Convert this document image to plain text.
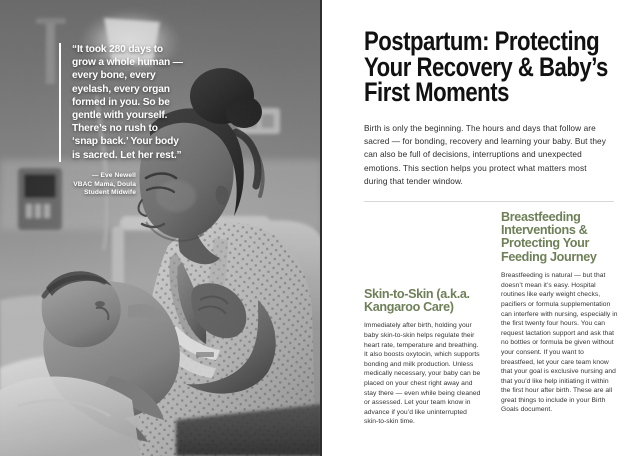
“It took 280 days to grow a whole human — every bone, every eyelash, every organ formed in you. So be gentle with yourself. There’s no rush to ‘snap back.’ Your body is sacred. Let her rest.”

— Eve Newell
VBAC Mama, Doula
Student Midwife
Postpartum: Protecting Your Recovery & Baby’s First Moments

Birth is only the beginning. The hours and days that follow are sacred — for bonding, recovery and learning your baby. But they can also be full of decisions, interruptions and unexpected emotions. This section helps you protect what matters most during that tender window.

Skin-to-Skin (a.k.a. Kangaroo Care)

Immediately after birth, holding your baby skin-to-skin helps regulate their heart rate, temperature and breathing. It also boosts oxytocin, which supports bonding and milk production. Unless medically necessary, your baby can be placed on your chest right away and stay there — even while being cleaned or assessed. Let your team know in advance if you’d like uninterrupted skin-to-skin time.

Breastfeeding Interventions & Protecting Your Feeding Journey

Breastfeeding is natural — but that doesn’t mean it’s easy. Hospital routines like early weight checks, pacifiers or formula supplementation can interfere with nursing, especially in the first twenty four hours. You can request lactation support and ask that no bottles or formula be given without your consent. If you want to breastfeed, let your care team know that your goal is exclusive nursing and that you’d like help initiating it within the first hour after birth. These are all great things to include in your Birth Goals document.
